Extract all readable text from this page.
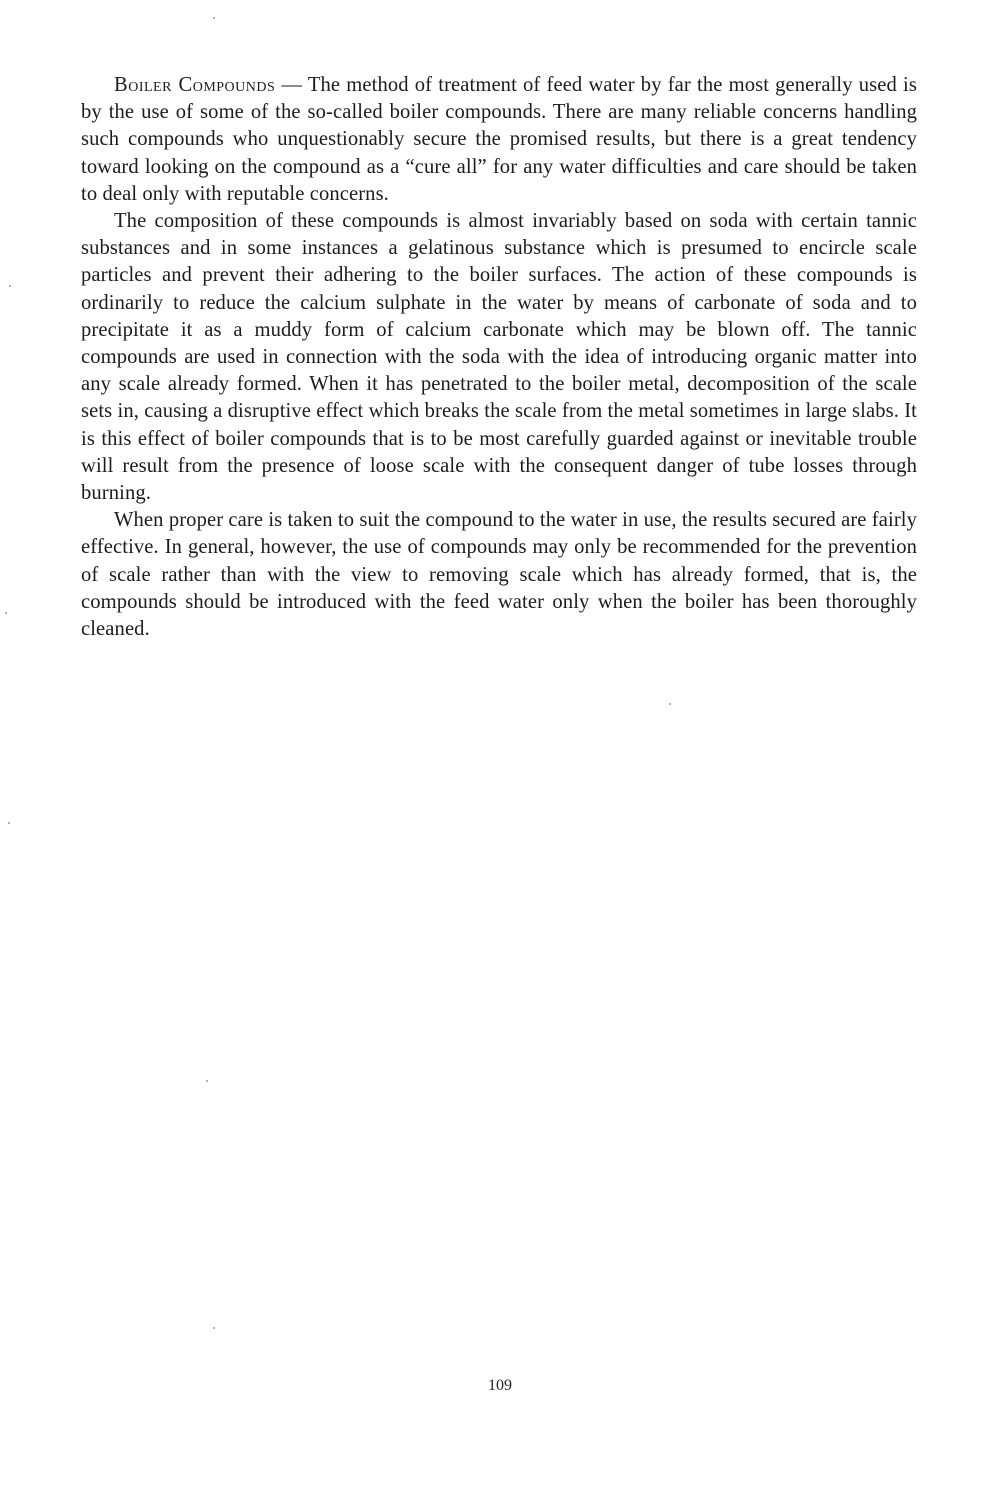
Boiler Compounds — The method of treatment of feed water by far the most generally used is by the use of some of the so-called boiler compounds. There are many reliable concerns handling such compounds who unquestionably secure the promised results, but there is a great tendency toward looking on the compound as a “cure all” for any water difficulties and care should be taken to deal only with reputable concerns.

The composition of these compounds is almost invariably based on soda with certain tannic substances and in some instances a gelatinous substance which is presumed to encircle scale particles and prevent their adhering to the boiler surfaces. The action of these compounds is ordinarily to reduce the calcium sulphate in the water by means of carbonate of soda and to precipitate it as a muddy form of calcium carbonate which may be blown off. The tannic compounds are used in connection with the soda with the idea of introducing organic matter into any scale already formed. When it has penetrated to the boiler metal, decomposition of the scale sets in, causing a disruptive effect which breaks the scale from the metal sometimes in large slabs. It is this effect of boiler compounds that is to be most carefully guarded against or inevitable trouble will result from the presence of loose scale with the consequent danger of tube losses through burning.

When proper care is taken to suit the compound to the water in use, the results secured are fairly effective. In general, however, the use of compounds may only be recommended for the prevention of scale rather than with the view to removing scale which has already formed, that is, the compounds should be introduced with the feed water only when the boiler has been thoroughly cleaned.

109
